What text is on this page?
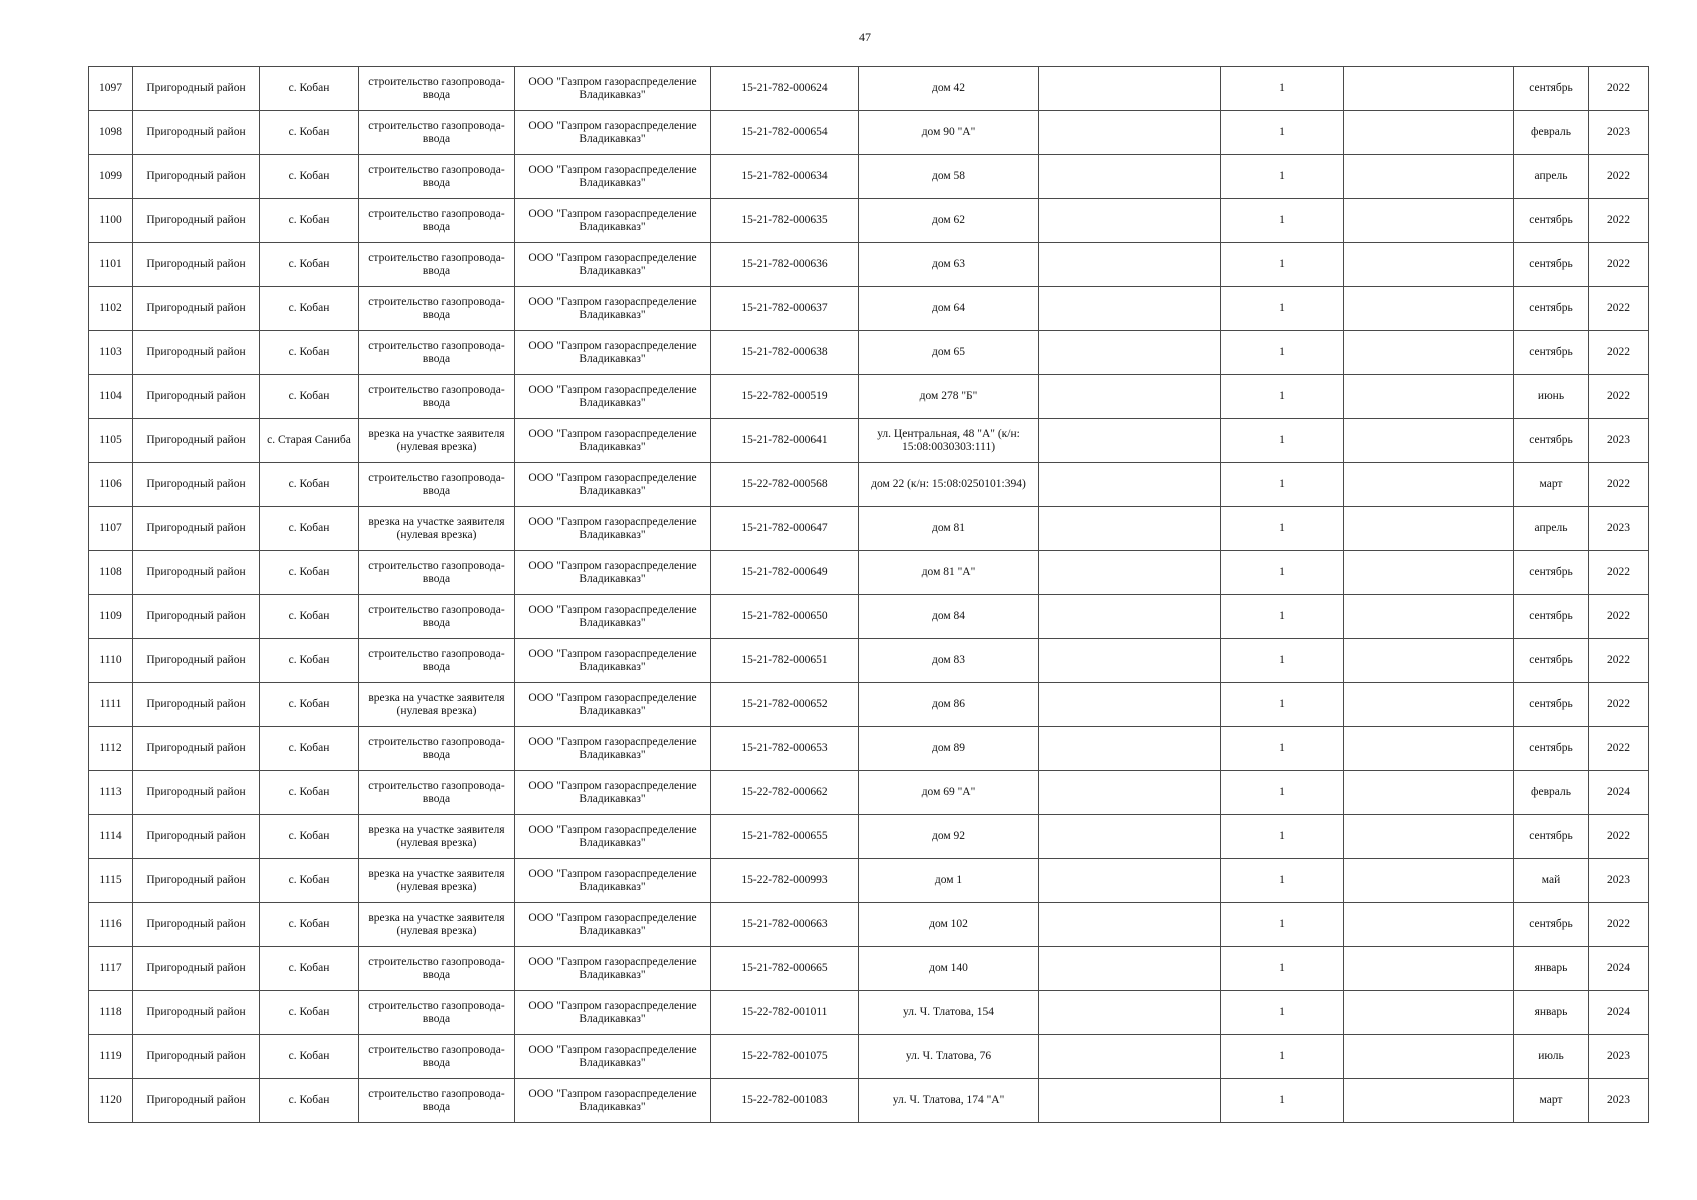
47
1097	Пригородный район	с. Кобан	строительство газопровода-ввода	ООО "Газпром газораспределение Владикавказ"	15-21-782-000624	дом 42		1		сентябрь	2022
1098	Пригородный район	с. Кобан	строительство газопровода-ввода	ООО "Газпром газораспределение Владикавказ"	15-21-782-000654	дом 90 "А"		1		февраль	2023
1099	Пригородный район	с. Кобан	строительство газопровода-ввода	ООО "Газпром газораспределение Владикавказ"	15-21-782-000634	дом 58		1		апрель	2022
1100	Пригородный район	с. Кобан	строительство газопровода-ввода	ООО "Газпром газораспределение Владикавказ"	15-21-782-000635	дом 62		1		сентябрь	2022
1101	Пригородный район	с. Кобан	строительство газопровода-ввода	ООО "Газпром газораспределение Владикавказ"	15-21-782-000636	дом 63		1		сентябрь	2022
1102	Пригородный район	с. Кобан	строительство газопровода-ввода	ООО "Газпром газораспределение Владикавказ"	15-21-782-000637	дом 64		1		сентябрь	2022
1103	Пригородный район	с. Кобан	строительство газопровода-ввода	ООО "Газпром газораспределение Владикавказ"	15-21-782-000638	дом 65		1		сентябрь	2022
1104	Пригородный район	с. Кобан	строительство газопровода-ввода	ООО "Газпром газораспределение Владикавказ"	15-22-782-000519	дом 278 "Б"		1		июнь	2022
1105	Пригородный район	с. Старая Саниба	врезка на участке заявителя (нулевая врезка)	ООО "Газпром газораспределение Владикавказ"	15-21-782-000641	ул. Центральная, 48 "А" (к/н: 15:08:0030303:111)		1		сентябрь	2023
1106	Пригородный район	с. Кобан	строительство газопровода-ввода	ООО "Газпром газораспределение Владикавказ"	15-22-782-000568	дом 22 (к/н: 15:08:0250101:394)		1		март	2022
1107	Пригородный район	с. Кобан	врезка на участке заявителя (нулевая врезка)	ООО "Газпром газораспределение Владикавказ"	15-21-782-000647	дом 81		1		апрель	2023
1108	Пригородный район	с. Кобан	строительство газопровода-ввода	ООО "Газпром газораспределение Владикавказ"	15-21-782-000649	дом 81 "А"		1		сентябрь	2022
1109	Пригородный район	с. Кобан	строительство газопровода-ввода	ООО "Газпром газораспределение Владикавказ"	15-21-782-000650	дом 84		1		сентябрь	2022
1110	Пригородный район	с. Кобан	строительство газопровода-ввода	ООО "Газпром газораспределение Владикавказ"	15-21-782-000651	дом 83		1		сентябрь	2022
1111	Пригородный район	с. Кобан	врезка на участке заявителя (нулевая врезка)	ООО "Газпром газораспределение Владикавказ"	15-21-782-000652	дом 86		1		сентябрь	2022
1112	Пригородный район	с. Кобан	строительство газопровода-ввода	ООО "Газпром газораспределение Владикавказ"	15-21-782-000653	дом 89		1		сентябрь	2022
1113	Пригородный район	с. Кобан	строительство газопровода-ввода	ООО "Газпром газораспределение Владикавказ"	15-22-782-000662	дом 69 "А"		1		февраль	2024
1114	Пригородный район	с. Кобан	врезка на участке заявителя (нулевая врезка)	ООО "Газпром газораспределение Владикавказ"	15-21-782-000655	дом 92		1		сентябрь	2022
1115	Пригородный район	с. Кобан	врезка на участке заявителя (нулевая врезка)	ООО "Газпром газораспределение Владикавказ"	15-22-782-000993	дом 1		1		май	2023
1116	Пригородный район	с. Кобан	врезка на участке заявителя (нулевая врезка)	ООО "Газпром газораспределение Владикавказ"	15-21-782-000663	дом 102		1		сентябрь	2022
1117	Пригородный район	с. Кобан	строительство газопровода-ввода	ООО "Газпром газораспределение Владикавказ"	15-21-782-000665	дом 140		1		январь	2024
1118	Пригородный район	с. Кобан	строительство газопровода-ввода	ООО "Газпром газораспределение Владикавказ"	15-22-782-001011	ул. Ч. Тлатова, 154		1		январь	2024
1119	Пригородный район	с. Кобан	строительство газопровода-ввода	ООО "Газпром газораспределение Владикавказ"	15-22-782-001075	ул. Ч. Тлатова, 76		1		июль	2023
1120	Пригородный район	с. Кобан	строительство газопровода-ввода	ООО "Газпром газораспределение Владикавказ"	15-22-782-001083	ул. Ч. Тлатова, 174 "А"		1		март	2023
